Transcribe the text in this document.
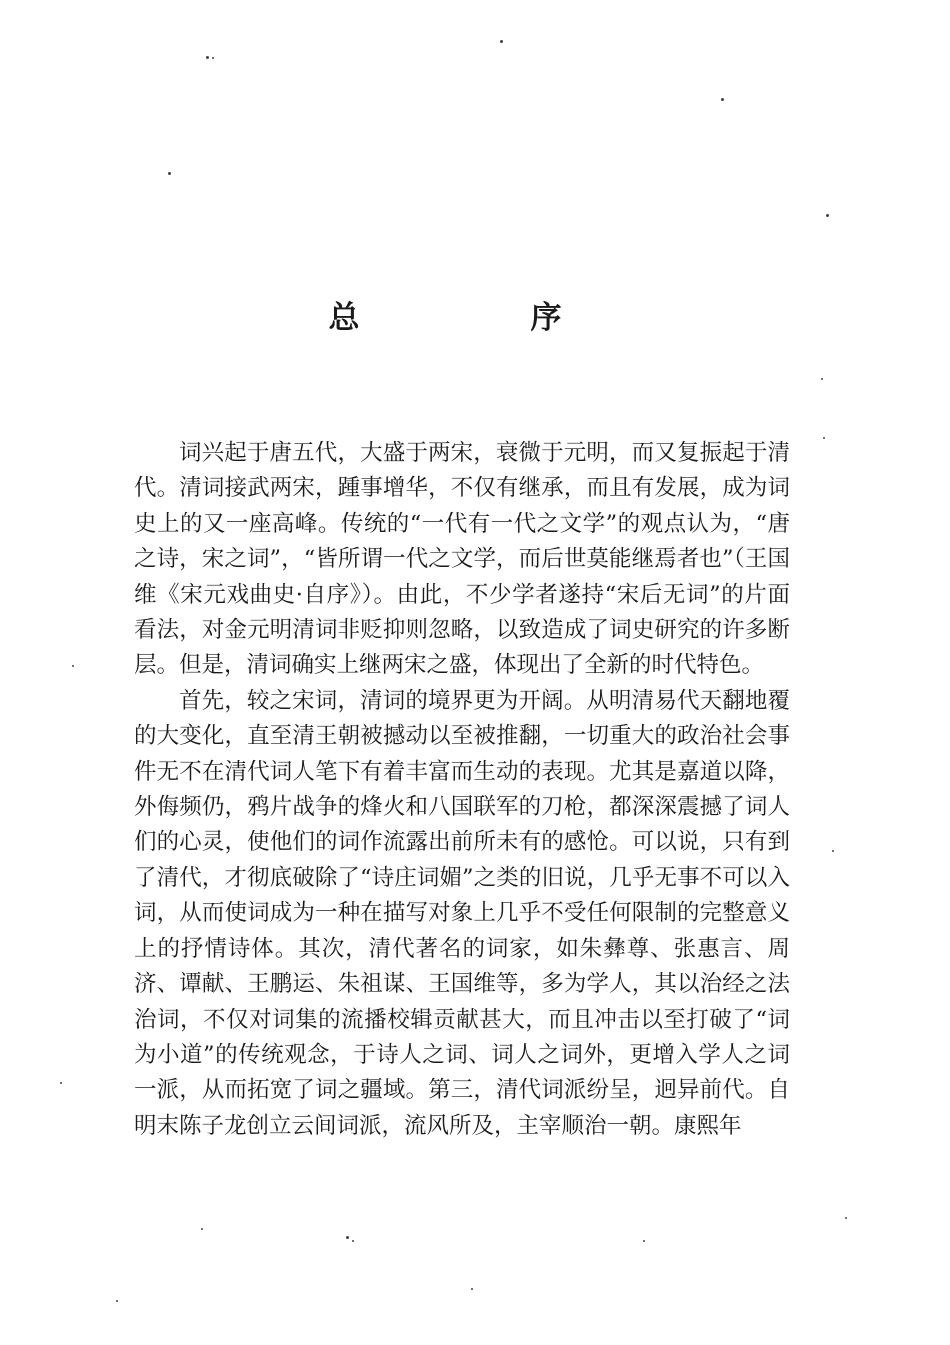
总　序

词兴起于唐五代，大盛于两宋，衰微于元明，而又复振起于清代。清词接武两宋，踵事增华，不仅有继承，而且有发展，成为词史上的又一座高峰。传统的“一代有一代之文学”的观点认为，“唐之诗，宋之词”，“皆所谓一代之文学，而后世莫能继焉者也”（王国维《宋元戏曲史·自序》）。由此，不少学者遂持“宋后无词”的片面看法，对金元明清词非贬抑则忽略，以致造成了词史研究的许多断层。但是，清词确实上继两宋之盛，体现出了全新的时代特色。

首先，较之宋词，清词的境界更为开阔。从明清易代天翻地覆的大变化，直至清王朝被撼动以至被推翻，一切重大的政治社会事件无不在清代词人笔下有着丰富而生动的表现。尤其是嘉道以降，外侮频仍，鸦片战争的烽火和八国联军的刀枪，都深深震撼了词人们的心灵，使他们的词作流露出前所未有的感怆。可以说，只有到了清代，才彻底破除了“诗庄词媚”之类的旧说，几乎无事不可以入词，从而使词成为一种在描写对象上几乎不受任何限制的完整意义上的抒情诗体。其次，清代著名的词家，如朱彝尊、张惠言、周济、谭献、王鹏运、朱祖谋、王国维等，多为学人，其以治经之法治词，不仅对词集的流播校辑贡献甚大，而且冲击以至打破了“词为小道”的传统观念，于诗人之词、词人之词外，更增入学人之词一派，从而拓宽了词之疆域。第三，清代词派纷呈，迥异前代。自明末陈子龙创立云间词派，流风所及，主宰顺治一朝。康熙年
